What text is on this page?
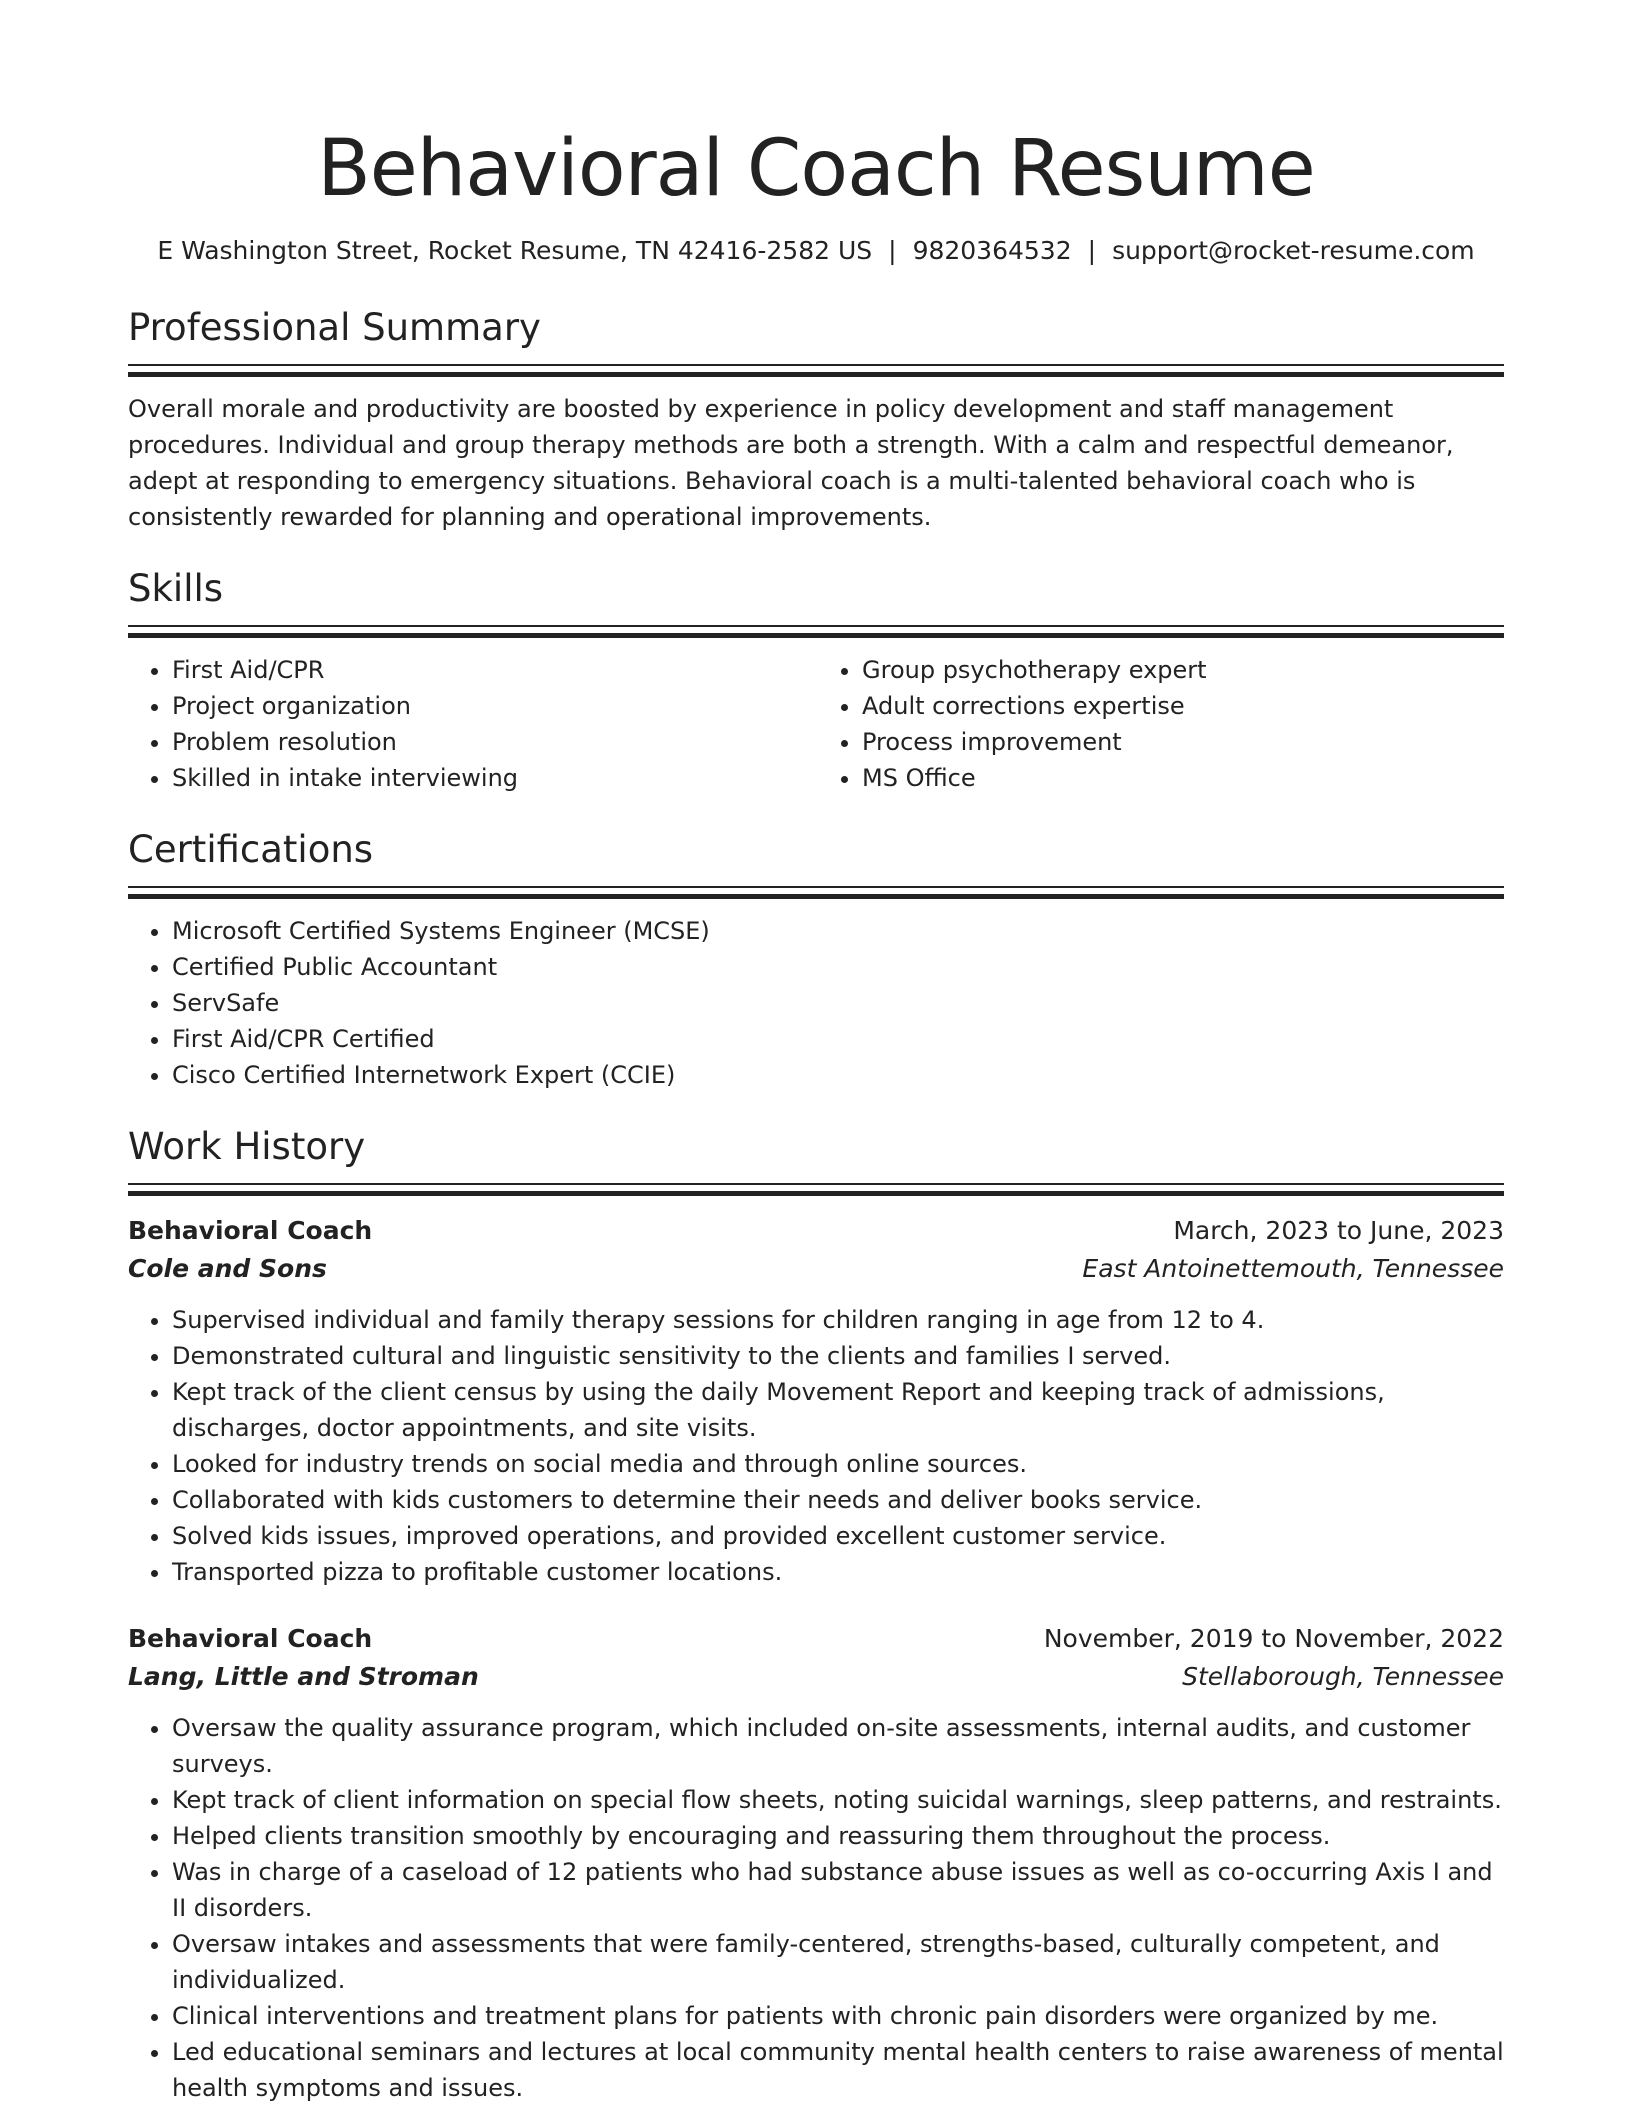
Behavioral Coach Resume
E Washington Street, Rocket Resume, TN 42416-2582 US | 9820364532 | support@rocket-resume.com
Professional Summary
Overall morale and productivity are boosted by experience in policy development and staff management procedures. Individual and group therapy methods are both a strength. With a calm and respectful demeanor, adept at responding to emergency situations. Behavioral coach is a multi-talented behavioral coach who is consistently rewarded for planning and operational improvements.
Skills
• First Aid/CPR
• Project organization
• Problem resolution
• Skilled in intake interviewing
• Group psychotherapy expert
• Adult corrections expertise
• Process improvement
• MS Office
Certifications
• Microsoft Certified Systems Engineer (MCSE)
• Certified Public Accountant
• ServSafe
• First Aid/CPR Certified
• Cisco Certified Internetwork Expert (CCIE)
Work History
Behavioral Coach
Cole and Sons
March, 2023 to June, 2023
East Antoinettemouth, Tennessee
• Supervised individual and family therapy sessions for children ranging in age from 12 to 4.
• Demonstrated cultural and linguistic sensitivity to the clients and families I served.
• Kept track of the client census by using the daily Movement Report and keeping track of admissions, discharges, doctor appointments, and site visits.
• Looked for industry trends on social media and through online sources.
• Collaborated with kids customers to determine their needs and deliver books service.
• Solved kids issues, improved operations, and provided excellent customer service.
• Transported pizza to profitable customer locations.
Behavioral Coach
Lang, Little and Stroman
November, 2019 to November, 2022
Stellaborough, Tennessee
• Oversaw the quality assurance program, which included on-site assessments, internal audits, and customer surveys.
• Kept track of client information on special flow sheets, noting suicidal warnings, sleep patterns, and restraints.
• Helped clients transition smoothly by encouraging and reassuring them throughout the process.
• Was in charge of a caseload of 12 patients who had substance abuse issues as well as co-occurring Axis I and II disorders.
• Oversaw intakes and assessments that were family-centered, strengths-based, culturally competent, and individualized.
• Clinical interventions and treatment plans for patients with chronic pain disorders were organized by me.
• Led educational seminars and lectures at local community mental health centers to raise awareness of mental health symptoms and issues.
